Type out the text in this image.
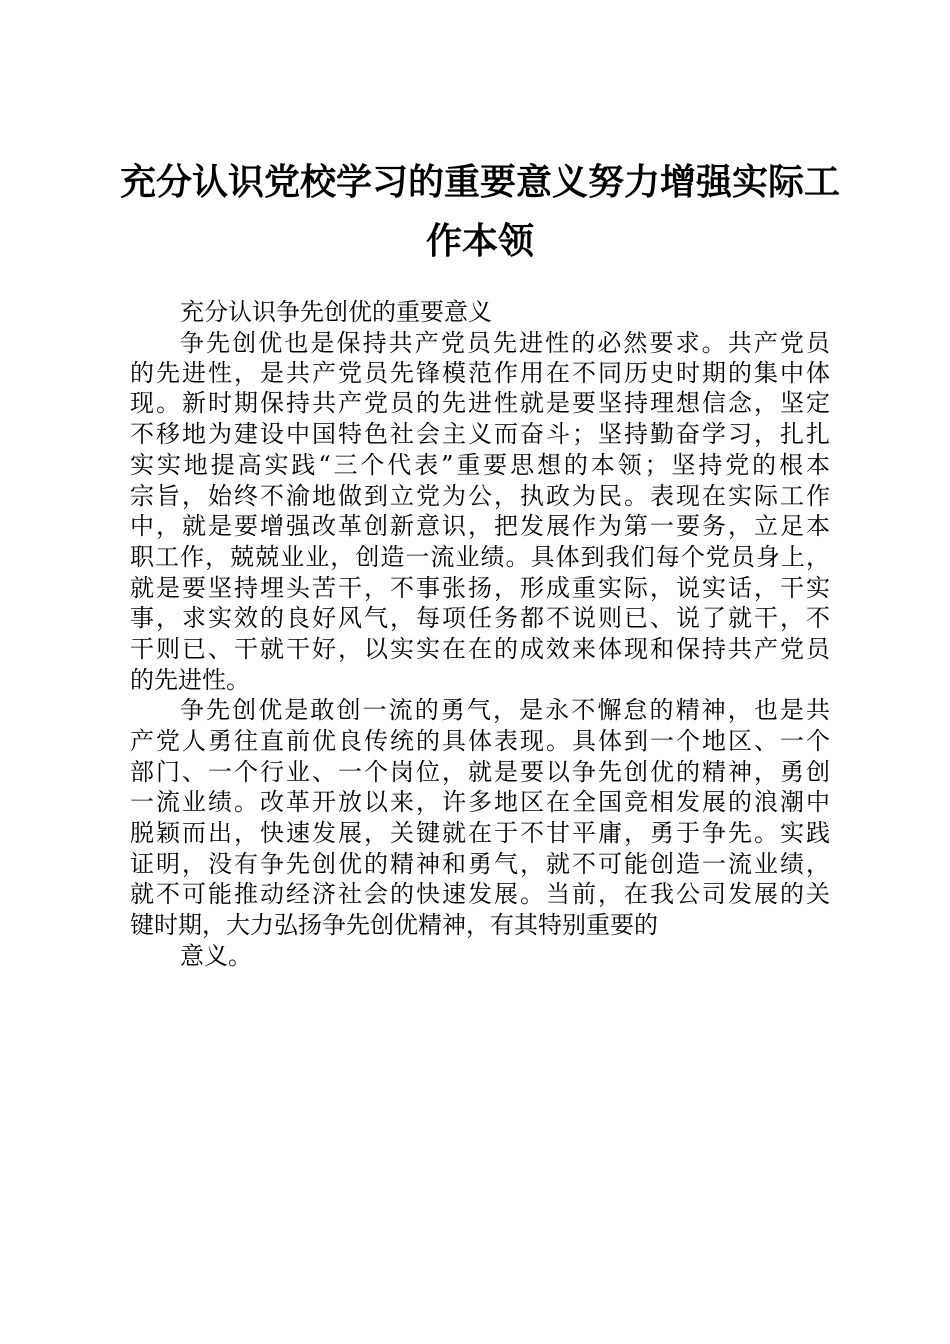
充分认识党校学习的重要意义努力增强实际工
作本领
充分认识争先创优的重要意义
争先创优也是保持共产党员先进性的必然要求。共产党员
的先进性，是共产党员先锋模范作用在不同历史时期的集中体
现。新时期保持共产党员的先进性就是要坚持理想信念，坚定
不移地为建设中国特色社会主义而奋斗；坚持勤奋学习，扎扎
实实地提高实践“三个代表”重要思想的本领；坚持党的根本
宗旨，始终不渝地做到立党为公，执政为民。表现在实际工作
中，就是要增强改革创新意识，把发展作为第一要务，立足本
职工作，兢兢业业，创造一流业绩。具体到我们每个党员身上，
就是要坚持埋头苦干，不事张扬，形成重实际，说实话，干实
事，求实效的良好风气，每项任务都不说则已、说了就干，不
干则已、干就干好，以实实在在的成效来体现和保持共产党员
的先进性。
争先创优是敢创一流的勇气，是永不懈怠的精神，也是共
产党人勇往直前优良传统的具体表现。具体到一个地区、一个
部门、一个行业、一个岗位，就是要以争先创优的精神，勇创
一流业绩。改革开放以来，许多地区在全国竞相发展的浪潮中
脱颖而出，快速发展，关键就在于不甘平庸，勇于争先。实践
证明，没有争先创优的精神和勇气，就不可能创造一流业绩，
就不可能推动经济社会的快速发展。当前，在我公司发展的关
键时期，大力弘扬争先创优精神，有其特别重要的
意义。
